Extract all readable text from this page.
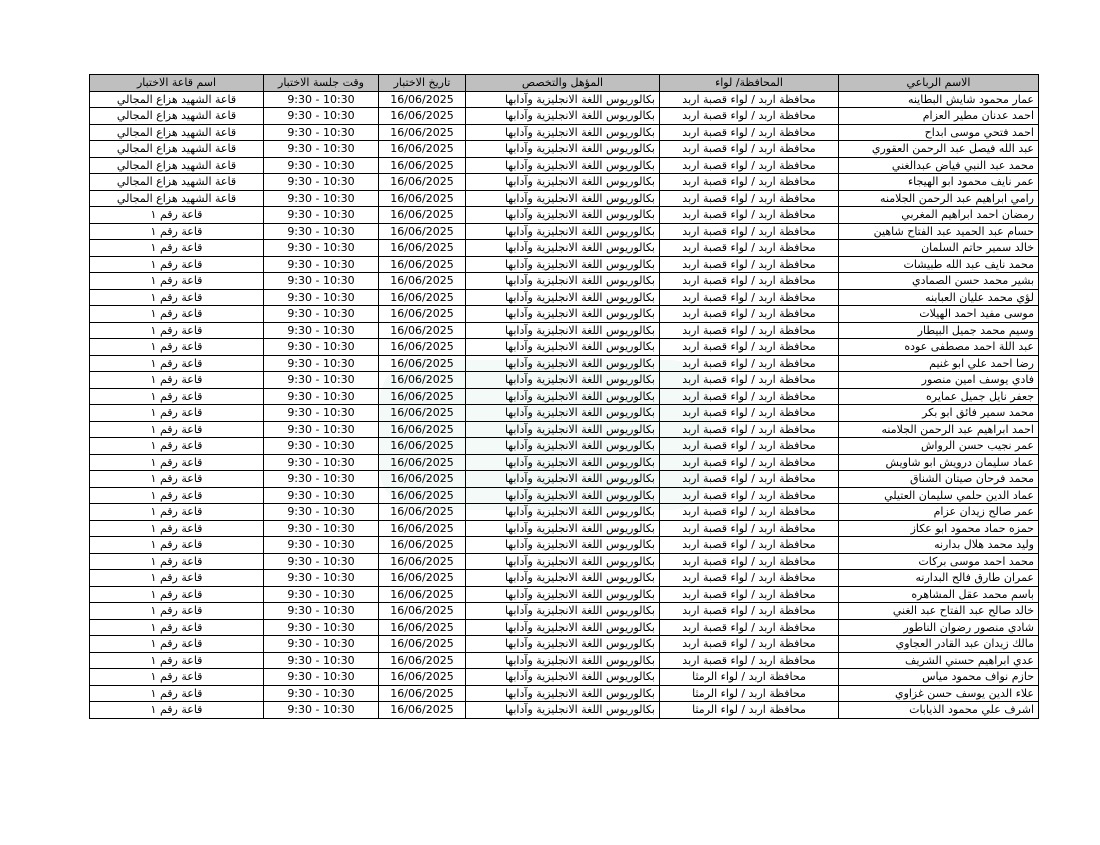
الاسم الرباعي	المحافظة/ لواء	المؤهل والتخصص	تاريخ الاختبار	وقت جلسة الاختبار	اسم قاعة الاختبار
عمار محمود شايش البطاينه	محافظة اربد / لواء قصبة اربد	بكالوريوس اللغة الانجليزية وآدابها	16/06/2025	9:30 - 10:30	قاعة الشهيد هزاع المجالي
احمد عدنان مطير العزام	محافظة اربد / لواء قصبة اربد	بكالوريوس اللغة الانجليزية وآدابها	16/06/2025	9:30 - 10:30	قاعة الشهيد هزاع المجالي
احمد فتحي موسى ابداح	محافظة اربد / لواء قصبة اربد	بكالوريوس اللغة الانجليزية وآدابها	16/06/2025	9:30 - 10:30	قاعة الشهيد هزاع المجالي
عبد الله فيصل عبد الرحمن العقوري	محافظة اربد / لواء قصبة اربد	بكالوريوس اللغة الانجليزية وآدابها	16/06/2025	9:30 - 10:30	قاعة الشهيد هزاع المجالي
محمد عبد النبي فياض عبدالغني	محافظة اربد / لواء قصبة اربد	بكالوريوس اللغة الانجليزية وآدابها	16/06/2025	9:30 - 10:30	قاعة الشهيد هزاع المجالي
عمر نايف محمود ابو الهيجاء	محافظة اربد / لواء قصبة اربد	بكالوريوس اللغة الانجليزية وآدابها	16/06/2025	9:30 - 10:30	قاعة الشهيد هزاع المجالي
رامي ابراهيم عبد الرحمن الجلامنه	محافظة اربد / لواء قصبة اربد	بكالوريوس اللغة الانجليزية وآدابها	16/06/2025	9:30 - 10:30	قاعة الشهيد هزاع المجالي
رمضان احمد ابراهيم المغربي	محافظة اربد / لواء قصبة اربد	بكالوريوس اللغة الانجليزية وآدابها	16/06/2025	9:30 - 10:30	قاعة رقم ١
حسام عبد الحميد عبد الفتاح شاهين	محافظة اربد / لواء قصبة اربد	بكالوريوس اللغة الانجليزية وآدابها	16/06/2025	9:30 - 10:30	قاعة رقم ١
خالد سمير حاتم السلمان	محافظة اربد / لواء قصبة اربد	بكالوريوس اللغة الانجليزية وآدابها	16/06/2025	9:30 - 10:30	قاعة رقم ١
محمد نايف عبد الله طبيشات	محافظة اربد / لواء قصبة اربد	بكالوريوس اللغة الانجليزية وآدابها	16/06/2025	9:30 - 10:30	قاعة رقم ١
بشير محمد حسن الصمادي	محافظة اربد / لواء قصبة اربد	بكالوريوس اللغة الانجليزية وآدابها	16/06/2025	9:30 - 10:30	قاعة رقم ١
لؤي محمد عليان العبابنه	محافظة اربد / لواء قصبة اربد	بكالوريوس اللغة الانجليزية وآدابها	16/06/2025	9:30 - 10:30	قاعة رقم ١
موسى مفيد احمد الهيلات	محافظة اربد / لواء قصبة اربد	بكالوريوس اللغة الانجليزية وآدابها	16/06/2025	9:30 - 10:30	قاعة رقم ١
وسيم محمد جميل البيطار	محافظة اربد / لواء قصبة اربد	بكالوريوس اللغة الانجليزية وآدابها	16/06/2025	9:30 - 10:30	قاعة رقم ١
عبد اللة احمد مصطفى عوده	محافظة اربد / لواء قصبة اربد	بكالوريوس اللغة الانجليزية وآدابها	16/06/2025	9:30 - 10:30	قاعة رقم ١
رضا احمد علي ابو غنيم	محافظة اربد / لواء قصبة اربد	بكالوريوس اللغة الانجليزية وآدابها	16/06/2025	9:30 - 10:30	قاعة رقم ١
فادي يوسف امين منصور	محافظة اربد / لواء قصبة اربد	بكالوريوس اللغة الانجليزية وآدابها	16/06/2025	9:30 - 10:30	قاعة رقم ١
جعفر نايل جميل عمايره	محافظة اربد / لواء قصبة اربد	بكالوريوس اللغة الانجليزية وآدابها	16/06/2025	9:30 - 10:30	قاعة رقم ١
محمد سمير فائق ابو بكر	محافظة اربد / لواء قصبة اربد	بكالوريوس اللغة الانجليزية وآدابها	16/06/2025	9:30 - 10:30	قاعة رقم ١
احمد ابراهيم عبد الرحمن الجلامنه	محافظة اربد / لواء قصبة اربد	بكالوريوس اللغة الانجليزية وآدابها	16/06/2025	9:30 - 10:30	قاعة رقم ١
عمر نجيب حسن الرواش	محافظة اربد / لواء قصبة اربد	بكالوريوس اللغة الانجليزية وآدابها	16/06/2025	9:30 - 10:30	قاعة رقم ١
عماد سليمان درويش ابو شاويش	محافظة اربد / لواء قصبة اربد	بكالوريوس اللغة الانجليزية وآدابها	16/06/2025	9:30 - 10:30	قاعة رقم ١
محمد فرحان صيتان الشناق	محافظة اربد / لواء قصبة اربد	بكالوريوس اللغة الانجليزية وآدابها	16/06/2025	9:30 - 10:30	قاعة رقم ١
عماد الدين حلمي سليمان العتيلي	محافظة اربد / لواء قصبة اربد	بكالوريوس اللغة الانجليزية وآدابها	16/06/2025	9:30 - 10:30	قاعة رقم ١
عمر صالح زيدان عزام	محافظة اربد / لواء قصبة اربد	بكالوريوس اللغة الانجليزية وآدابها	16/06/2025	9:30 - 10:30	قاعة رقم ١
حمزه حماد محمود ابو عكاز	محافظة اربد / لواء قصبة اربد	بكالوريوس اللغة الانجليزية وآدابها	16/06/2025	9:30 - 10:30	قاعة رقم ١
وليد محمد هلال بدارنه	محافظة اربد / لواء قصبة اربد	بكالوريوس اللغة الانجليزية وآدابها	16/06/2025	9:30 - 10:30	قاعة رقم ١
محمد احمد موسى بركات	محافظة اربد / لواء قصبة اربد	بكالوريوس اللغة الانجليزية وآدابها	16/06/2025	9:30 - 10:30	قاعة رقم ١
عمران طارق فالح البدارنه	محافظة اربد / لواء قصبة اربد	بكالوريوس اللغة الانجليزية وآدابها	16/06/2025	9:30 - 10:30	قاعة رقم ١
باسم محمد عقل المشاهره	محافظة اربد / لواء قصبة اربد	بكالوريوس اللغة الانجليزية وآدابها	16/06/2025	9:30 - 10:30	قاعة رقم ١
خالد صالح عبد الفتاح عبد الغني	محافظة اربد / لواء قصبة اربد	بكالوريوس اللغة الانجليزية وآدابها	16/06/2025	9:30 - 10:30	قاعة رقم ١
شادي منصور رضوان الناطور	محافظة اربد / لواء قصبة اربد	بكالوريوس اللغة الانجليزية وآدابها	16/06/2025	9:30 - 10:30	قاعة رقم ١
مالك زيدان عبد القادر العجاوي	محافظة اربد / لواء قصبة اربد	بكالوريوس اللغة الانجليزية وآدابها	16/06/2025	9:30 - 10:30	قاعة رقم ١
عدي ابراهيم حسني الشريف	محافظة اربد / لواء قصبة اربد	بكالوريوس اللغة الانجليزية وآدابها	16/06/2025	9:30 - 10:30	قاعة رقم ١
حازم نواف محمود مياس	محافظة اربد / لواء الرمثا	بكالوريوس اللغة الانجليزية وآدابها	16/06/2025	9:30 - 10:30	قاعة رقم ١
علاء الدين يوسف حسن غزاوي	محافظة اربد / لواء الرمثا	بكالوريوس اللغة الانجليزية وآدابها	16/06/2025	9:30 - 10:30	قاعة رقم ١
اشرف علي محمود الذيابات	محافظة اربد / لواء الرمثا	بكالوريوس اللغة الانجليزية وآدابها	16/06/2025	9:30 - 10:30	قاعة رقم ١
